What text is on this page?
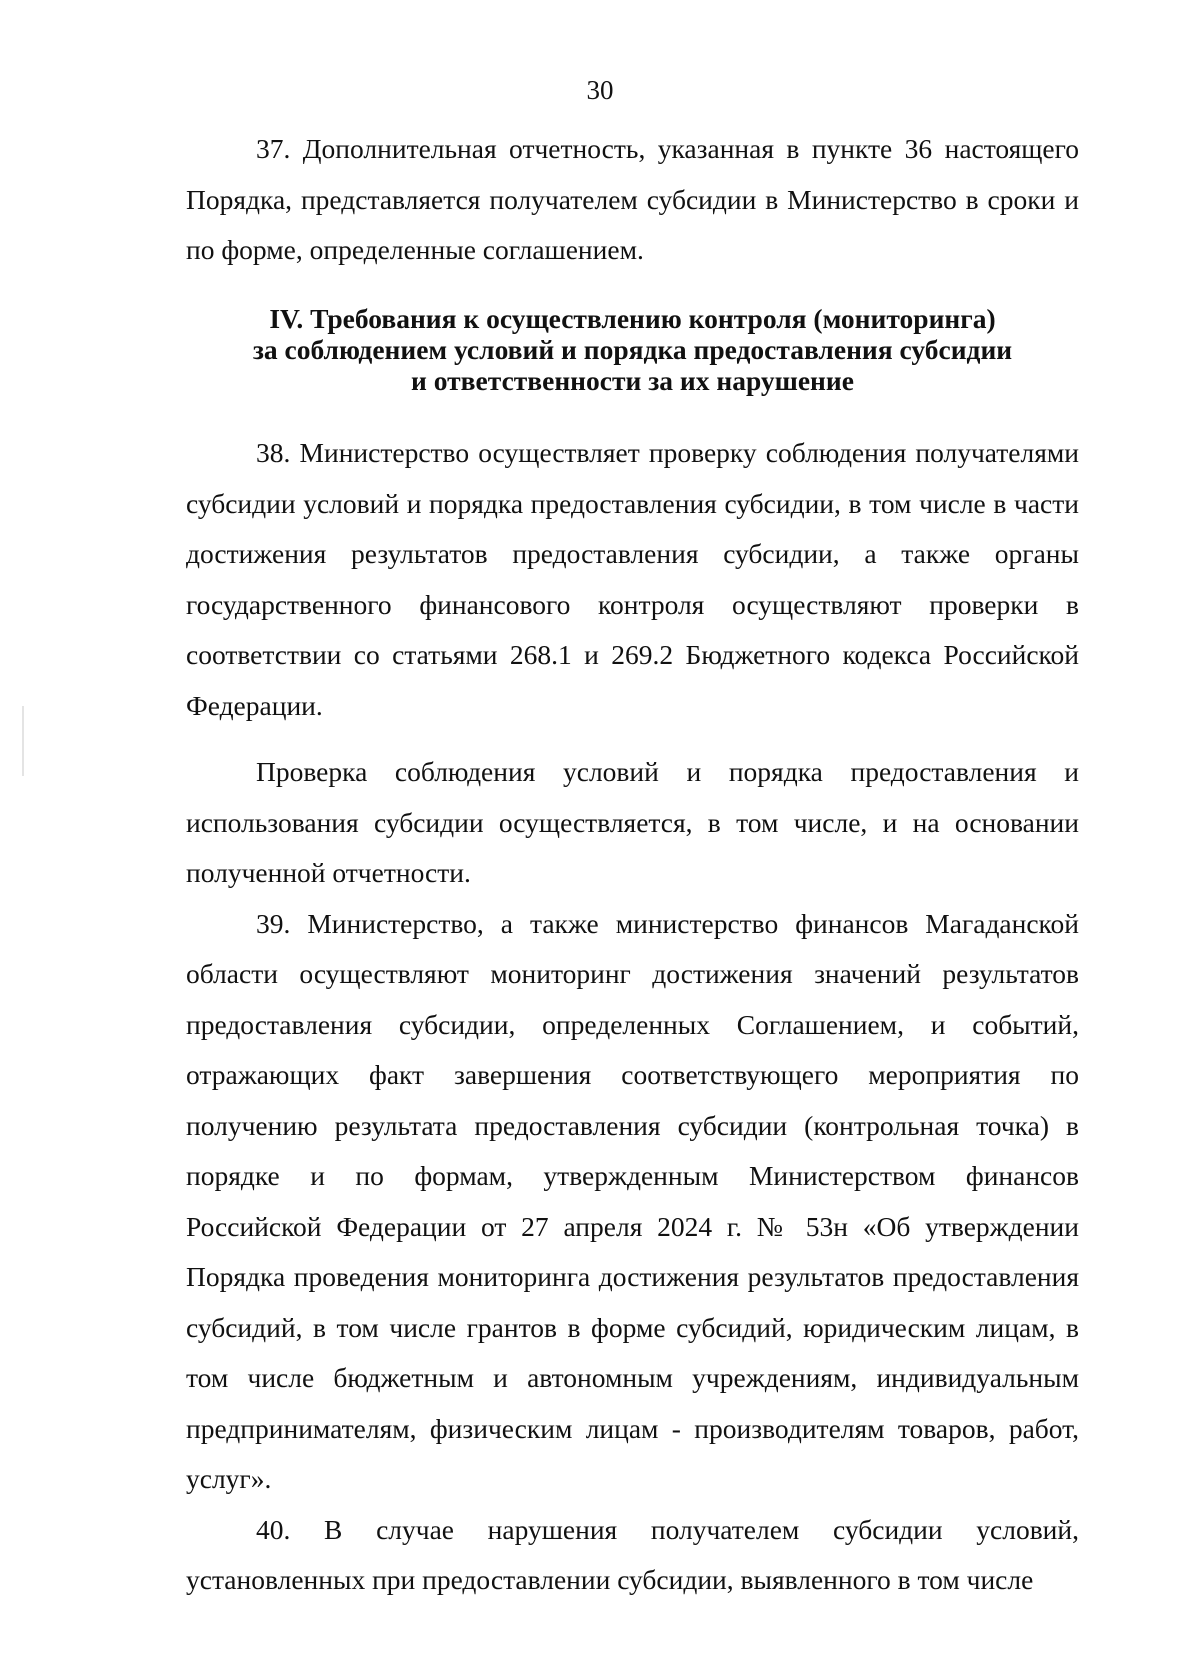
30

37. Дополнительная отчетность, указанная в пункте 36 настоящего Порядка, представляется получателем субсидии в Министерство в сроки и по форме, определенные соглашением.

IV. Требования к осуществлению контроля (мониторинга)
за соблюдением условий и порядка предоставления субсидии
и ответственности за их нарушение

38. Министерство осуществляет проверку соблюдения получателями субсидии условий и порядка предоставления субсидии, в том числе в части достижения результатов предоставления субсидии, а также органы государственного финансового контроля осуществляют проверки в соответствии со статьями 268.1 и 269.2 Бюджетного кодекса Российской Федерации.

Проверка соблюдения условий и порядка предоставления и использования субсидии осуществляется, в том числе, и на основании полученной отчетности.

39. Министерство, а также министерство финансов Магаданской области осуществляют мониторинг достижения значений результатов предоставления субсидии, определенных Соглашением, и событий, отражающих факт завершения соответствующего мероприятия по получению результата предоставления субсидии (контрольная точка) в порядке и по формам, утвержденным Министерством финансов Российской Федерации от 27 апреля 2024 г. № 53н «Об утверждении Порядка проведения мониторинга достижения результатов предоставления субсидий, в том числе грантов в форме субсидий, юридическим лицам, в том числе бюджетным и автономным учреждениям, индивидуальным предпринимателям, физическим лицам - производителям товаров, работ, услуг».

40. В случае нарушения получателем субсидии условий, установленных при предоставлении субсидии, выявленного в том числе
